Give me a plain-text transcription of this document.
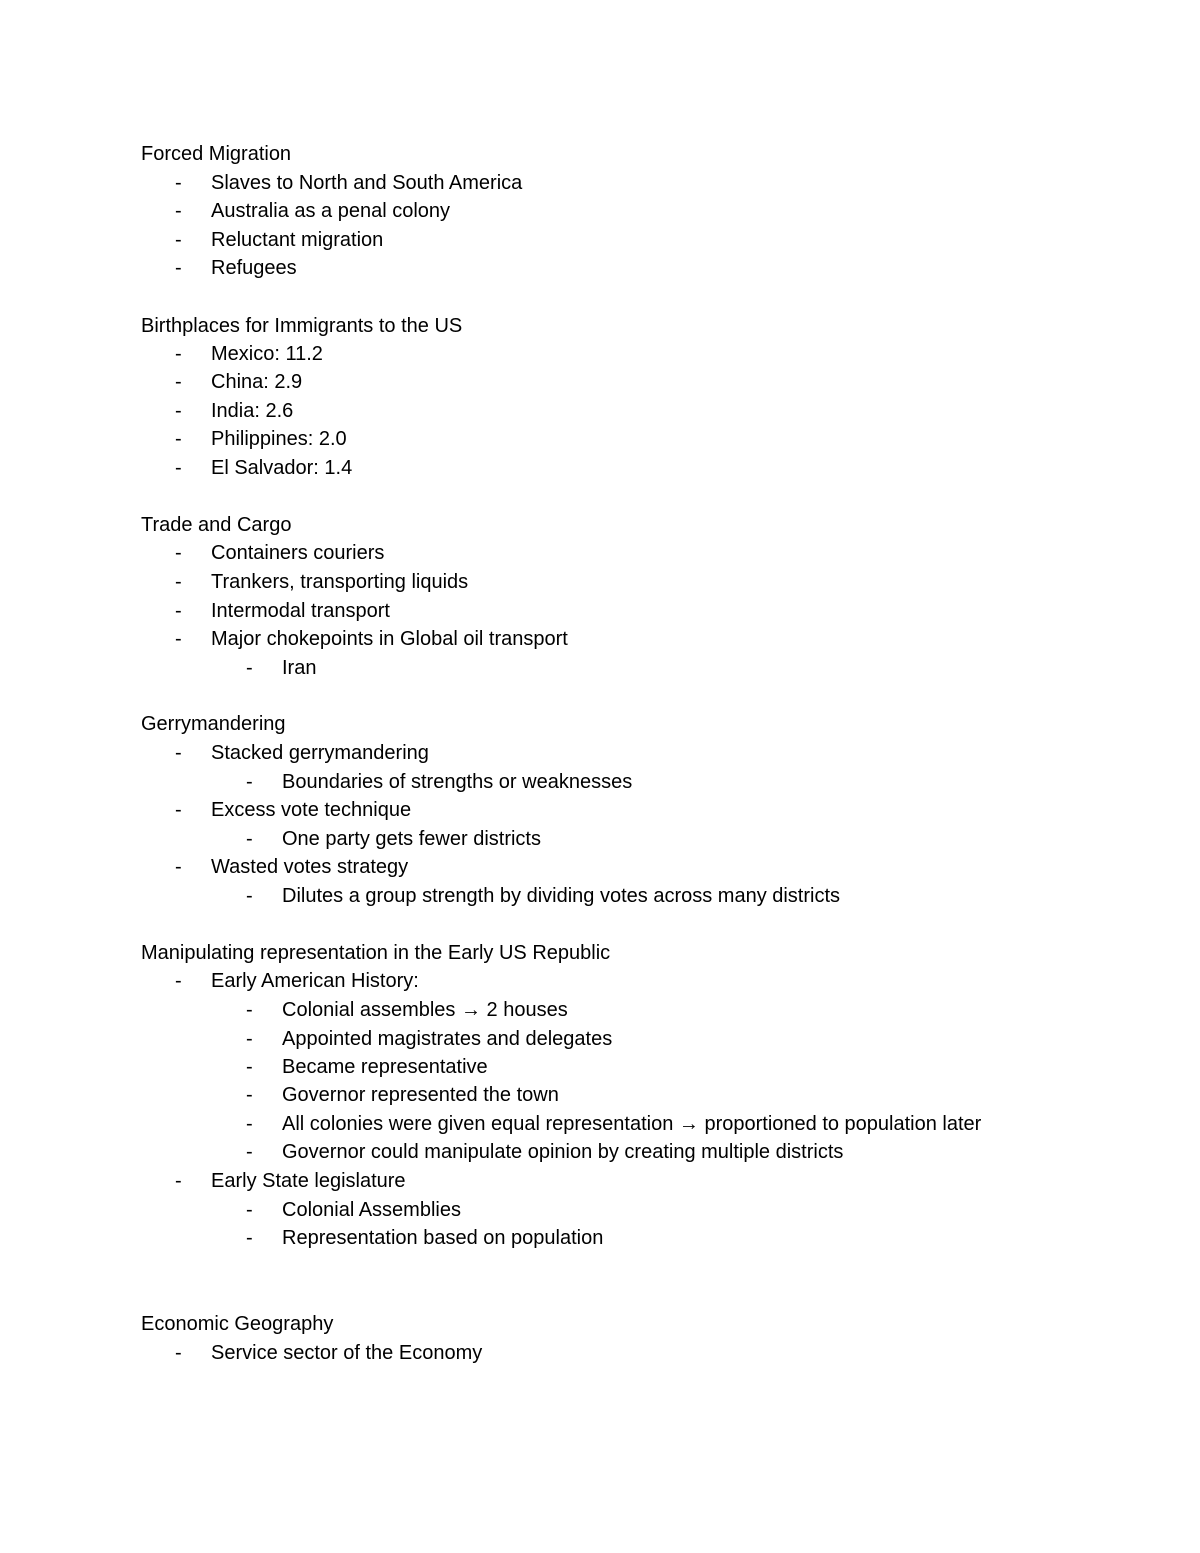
Forced Migration
- Slaves to North and South America
- Australia as a penal colony
- Reluctant migration
- Refugees
Birthplaces for Immigrants to the US
- Mexico: 11.2
- China: 2.9
- India: 2.6
- Philippines: 2.0
- El Salvador: 1.4
Trade and Cargo
- Containers couriers
- Trankers, transporting liquids
- Intermodal transport
- Major chokepoints in Global oil transport
- Iran
Gerrymandering
- Stacked gerrymandering
- Boundaries of strengths or weaknesses
- Excess vote technique
- One party gets fewer districts
- Wasted votes strategy
- Dilutes a group strength by dividing votes across many districts
Manipulating representation in the Early US Republic
- Early American History:
- Colonial assembles → 2 houses
- Appointed magistrates and delegates
- Became representative
- Governor represented the town
- All colonies were given equal representation → proportioned to population later
- Governor could manipulate opinion by creating multiple districts
- Early State legislature
- Colonial Assemblies
- Representation based on population
Economic Geography
- Service sector of the Economy
